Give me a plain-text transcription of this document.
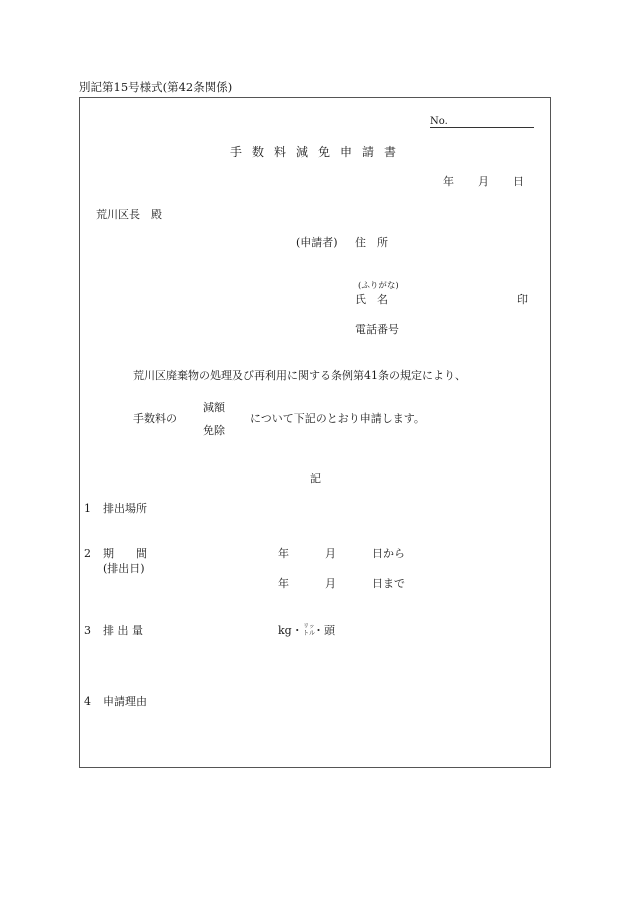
別記第15号様式(第42条関係)
No.
手数料減免申請書
年 月 日
荒川区長　殿
(申請者) 住　所
(ふりがな)
氏　名	印
電話番号
荒川区廃棄物の処理及び再利用に関する条例第41条の規定により、
手数料の
減額
免除
について下記のとおり申請します。
記
1 排出場所
2 期　　間
(排出日)
年	月	日から
年	月	日まで
3 排 出 量	kg・ リッ
トル
・頭
4 申請理由
